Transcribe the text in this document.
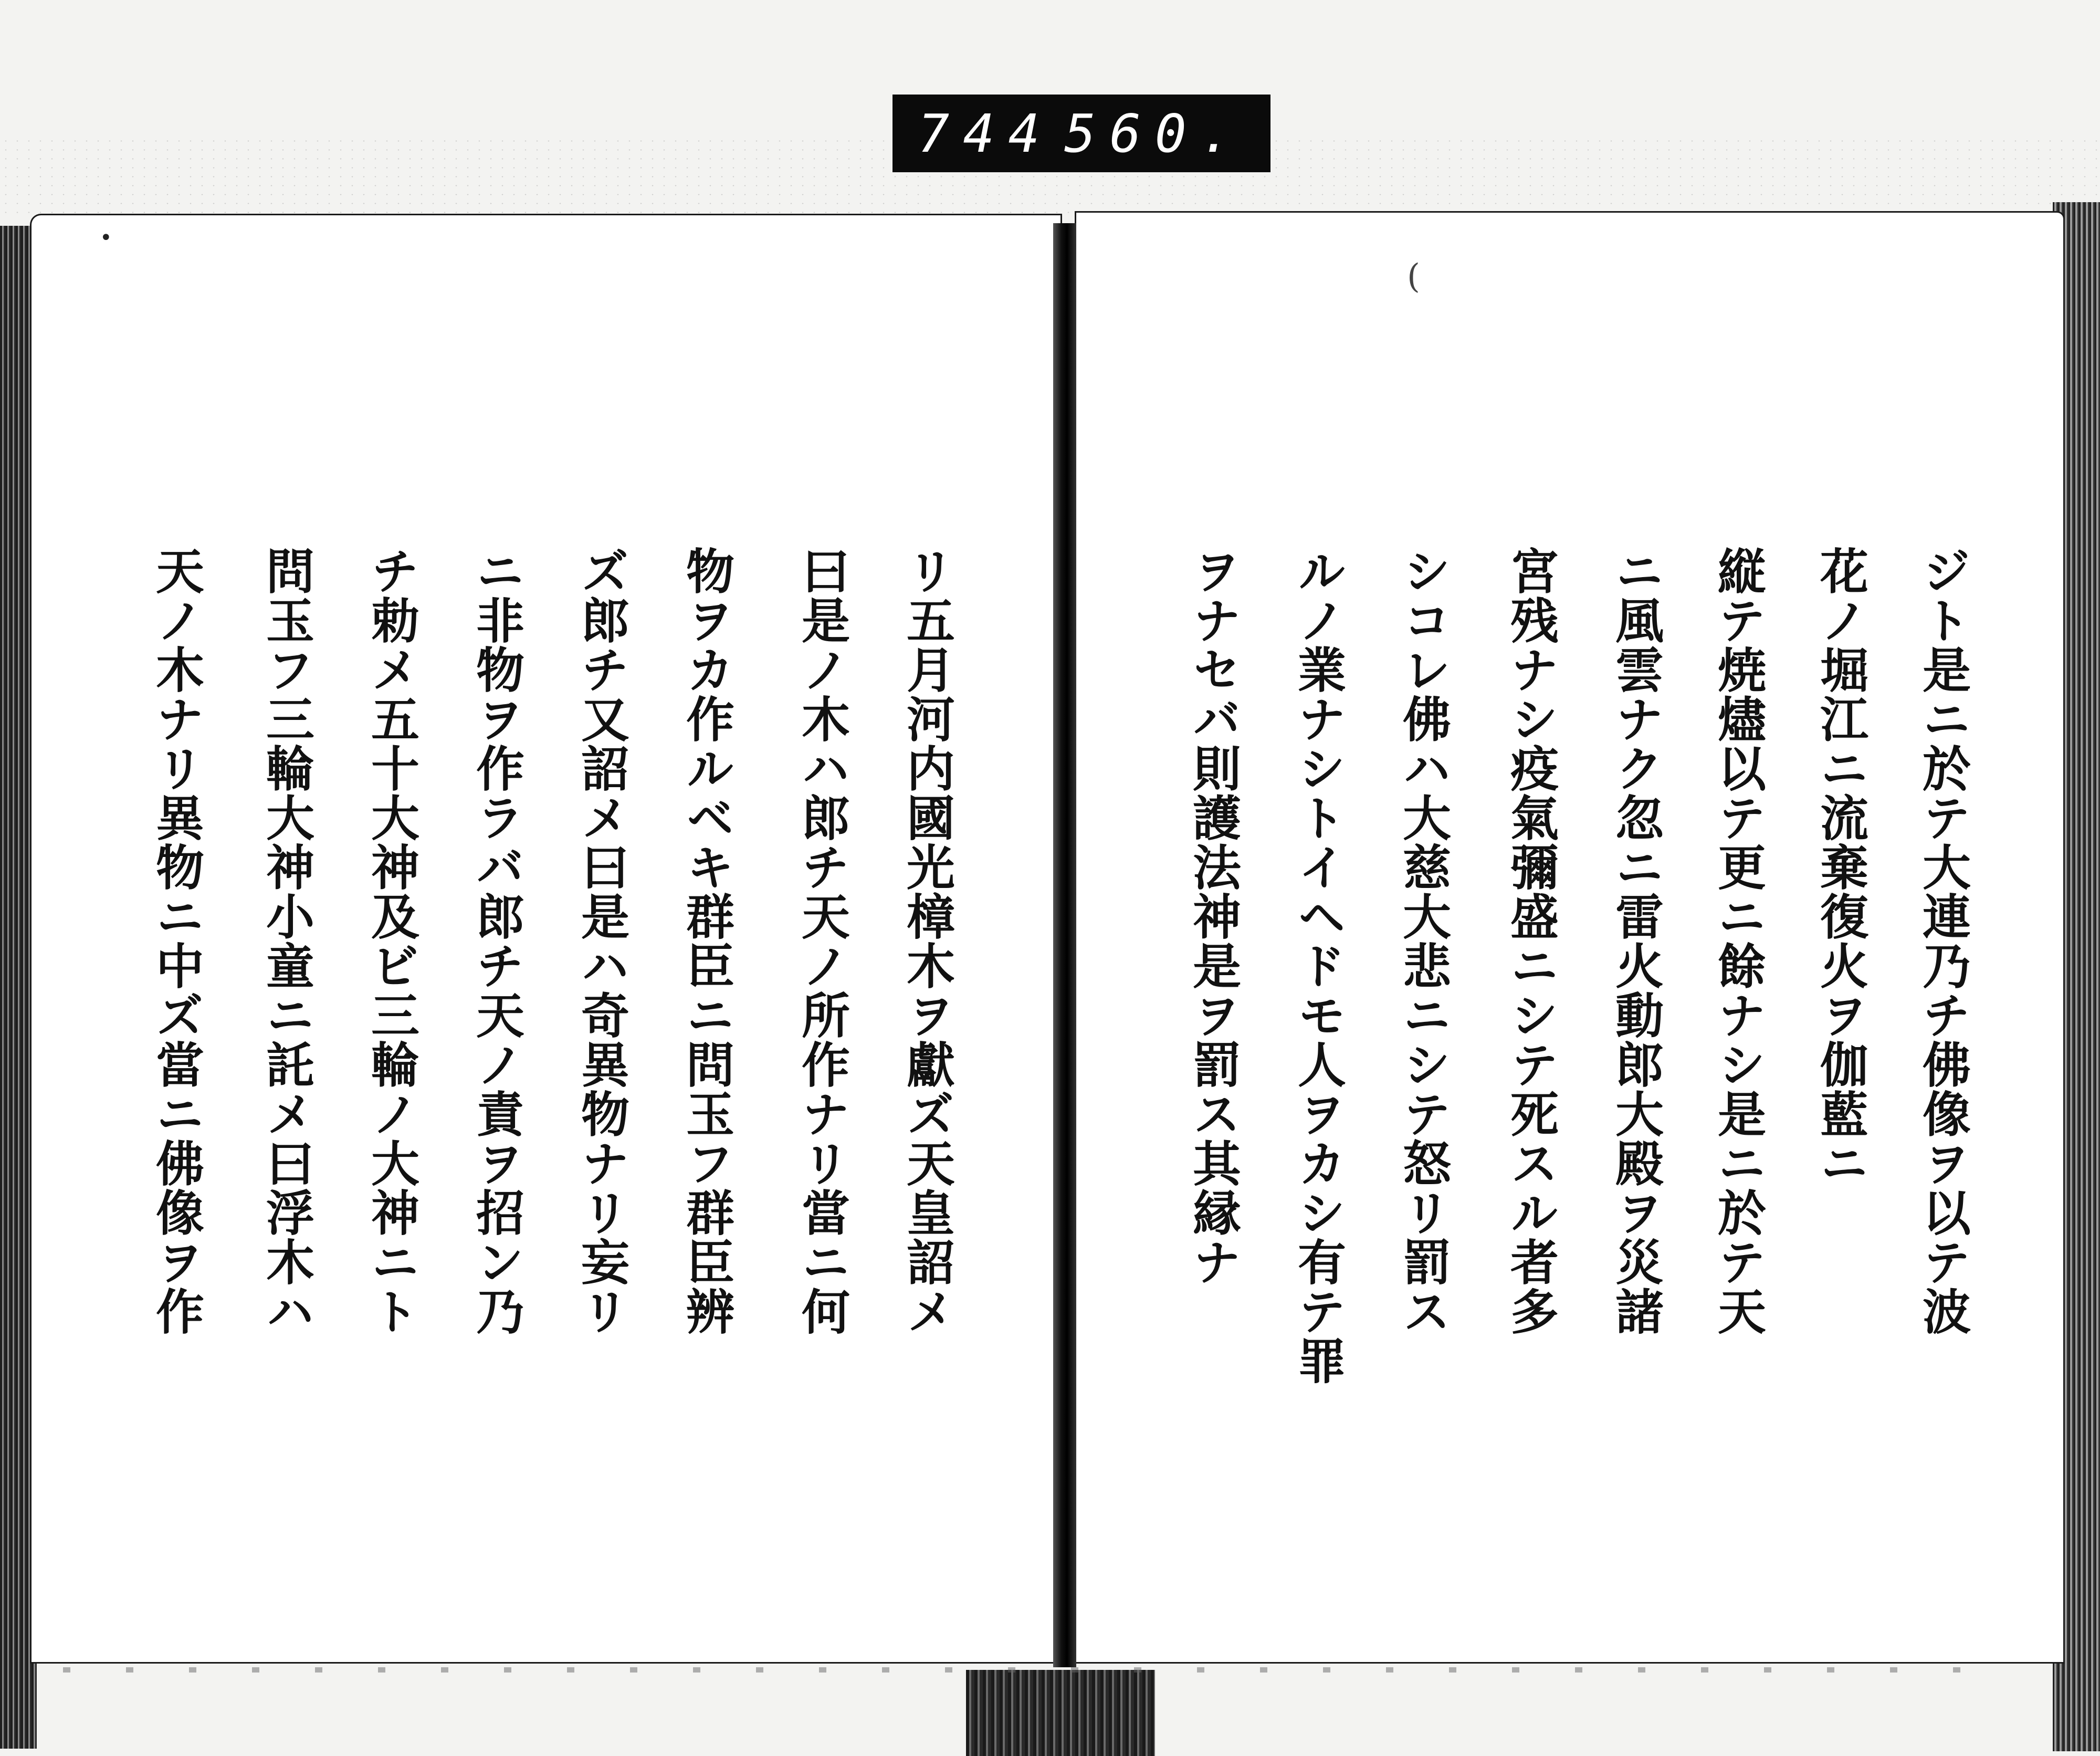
744 560.
•
(
ジト是ニ於テ大連乃チ佛像ヲ以テ波
花ノ堀江ニ流棄復火ヲ伽藍ニ
縦テ焼燼以テ更ニ餘ナシ是ニ於テ天
ニ風雲ナク忽ニ雷火動郎大殿ヲ災諸
宮残ナシ疫氣彌盛ニシテ死スル者多
シコレ佛ハ大慈大悲ニシテ怒リ罰ス
ルノ業ナシトイヘドモ人ヲカシ有テ罪
ヲナセバ則護法神是ヲ罰ス其縁ナ
リ五月河内國光樟木ヲ獻ズ天皇詔メ
曰是ノ木ハ郎チ天ノ所作ナリ當ニ何
物ヲカ作ルベキ群臣ニ問玉フ群臣辨
ズ郎チ又詔メ曰是ハ奇異物ナリ妄リ
ニ非物ヲ作ラバ郎チ天ノ責ヲ招ン乃
チ勅メ五十大神及ビ三輪ノ大神ニト
問玉フ三輪大神小童ニ託メ曰浮木ハ
天ノ木ナリ異物ニ中ズ當ニ佛像ヲ作
